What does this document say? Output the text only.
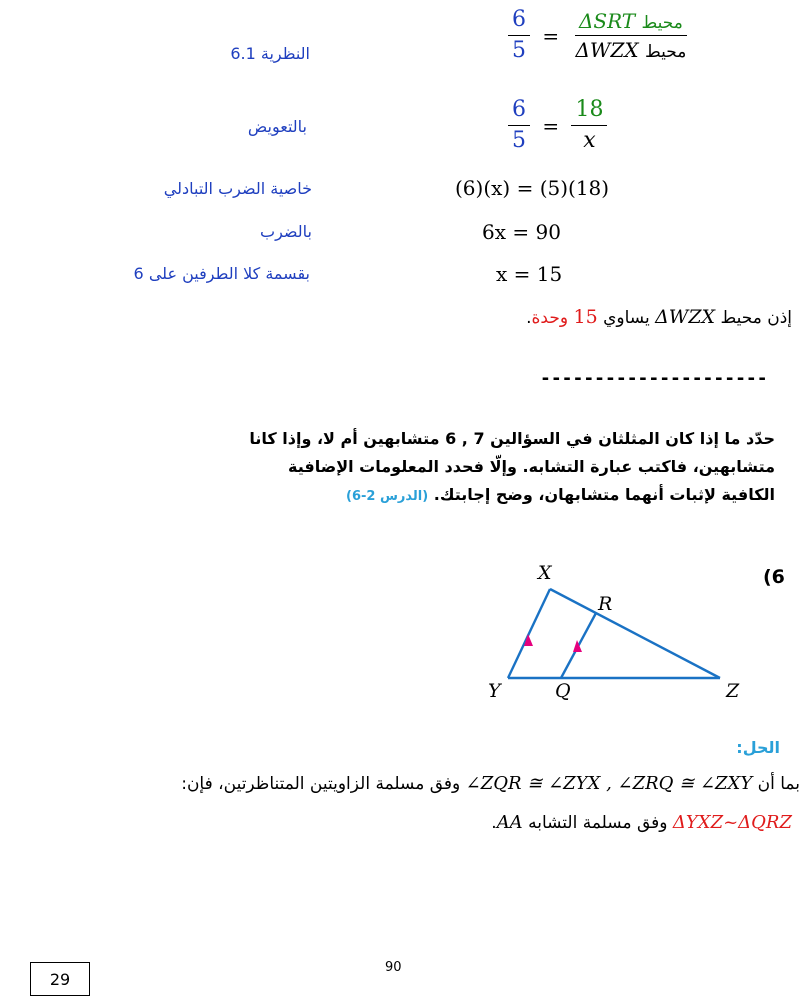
النظرية 6.1	$\frac{6}{5} = \frac{\text{محيط ΔSRT}}{\text{محيط ΔWZX}}$
بالتعويض	$\frac{6}{5} = \frac{18}{x}$
خاصية الضرب التبادلي	(6)(x) = (5)(18)
بالضرب	6x = 90
بقسمة كلا الطرفين على 6	x = 15
إذن محيط ΔWZX يساوي 15 وحدة.
---------------------
حدّد ما إذا كان المثلثان في السؤالين 7 , 6 متشابهين أم لا، وإذا كانا
متشابهين، فاكتب عبارة التشابه. وإلّا فحدد المعلومات الإضافية
الكافية لإثبات أنهما متشابهان، وضح إجابتك. (الدرس 2-6)
(6
X
R
Y	Q	Z
الحل:
بما أن ∠ZQR ≅ ∠ZYX , ∠ZRQ ≅ ∠ZXY وفق مسلمة الزاويتين المتناظرتين، فإن:
ΔYXZ~ΔQRZ وفق مسلمة التشابه AA.
29
90
